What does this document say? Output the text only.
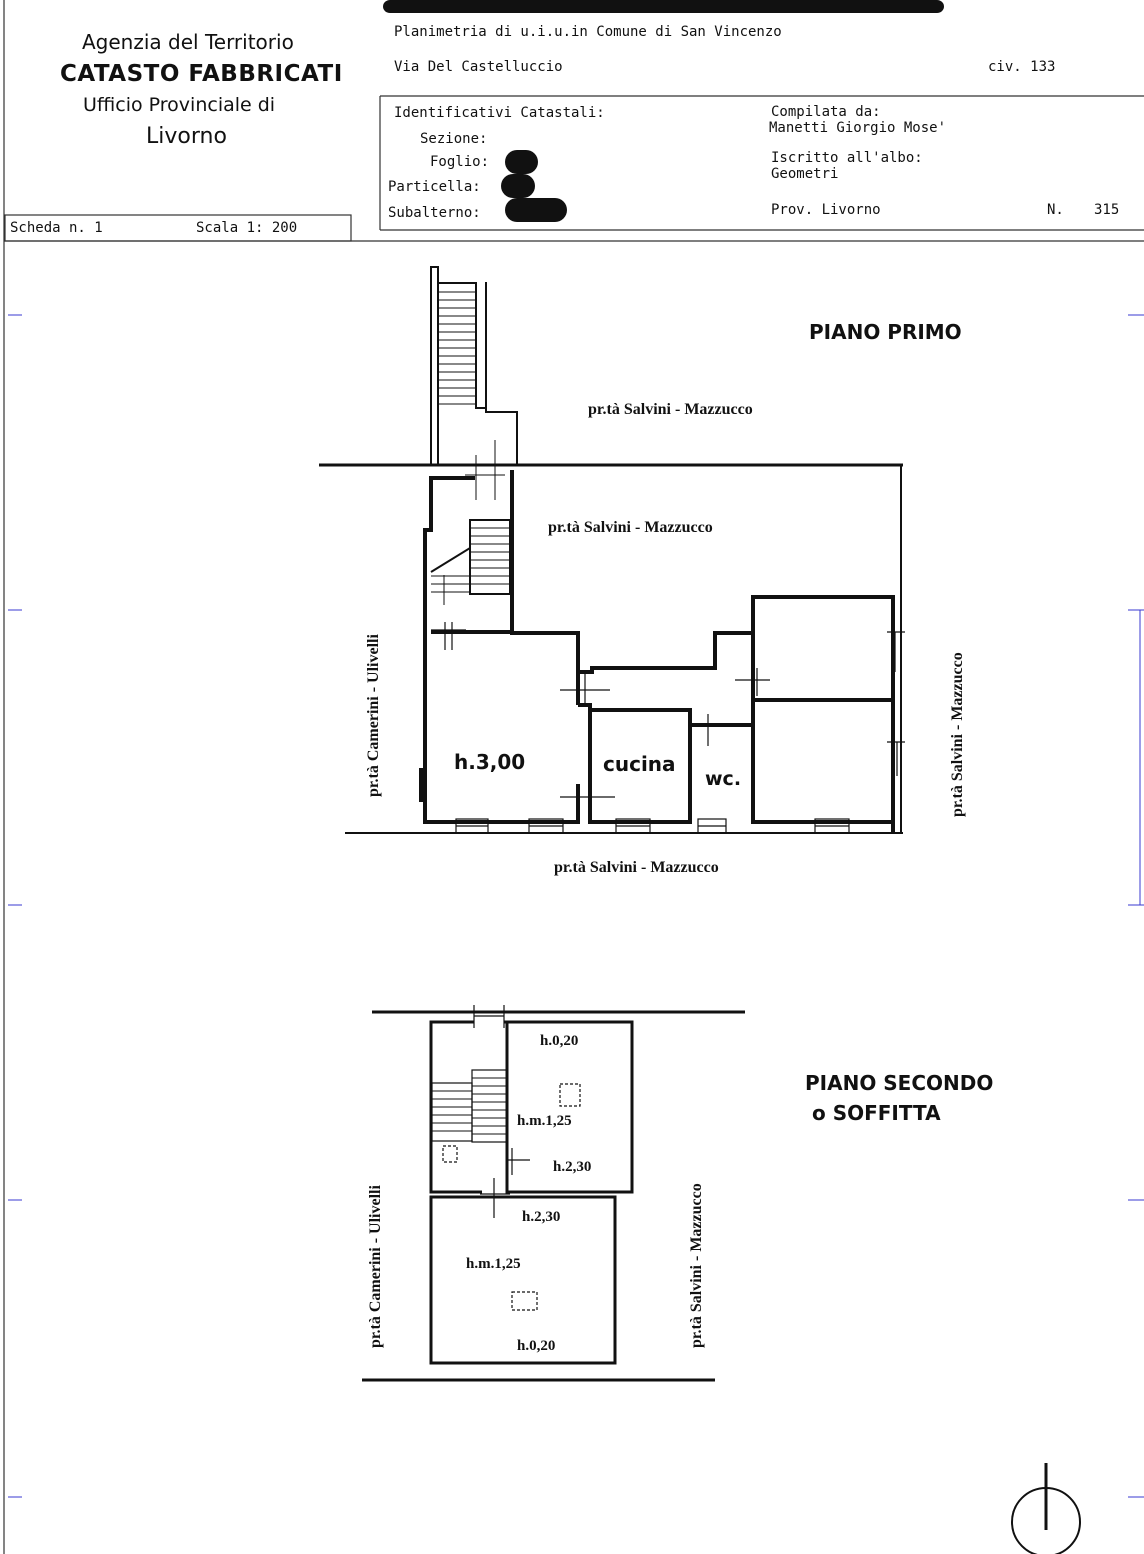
Agenzia del Territorio
CATASTO FABBRICATI
Ufficio Provinciale di
Livorno
Planimetria di u.i.u.in Comune di San Vincenzo
Via Del Castelluccio	civ. 133
Identificativi Catastali:
Sezione:
Foglio:
Particella:
Subalterno:
Compilata da:
Manetti Giorgio Mose'
Iscritto all'albo:
Geometri
Prov. Livorno	N. 315
Scheda n. 1	Scala 1: 200
PIANO PRIMO
pr.tà Salvini - Mazzucco
pr.tà Salvini - Mazzucco
pr.tà Salvini - Mazzucco
pr.tà Camerini - Ulivelli	pr.tà Salvini - Mazzucco
h.3,00	cucina
wc.
PIANO SECONDO
o SOFFITTA
pr.tà Camerini - Ulivelli	pr.tà Salvini - Mazzucco
h.0,20
h.m.1,25
h.2,30
h.2,30
h.m.1,25
h.0,20
